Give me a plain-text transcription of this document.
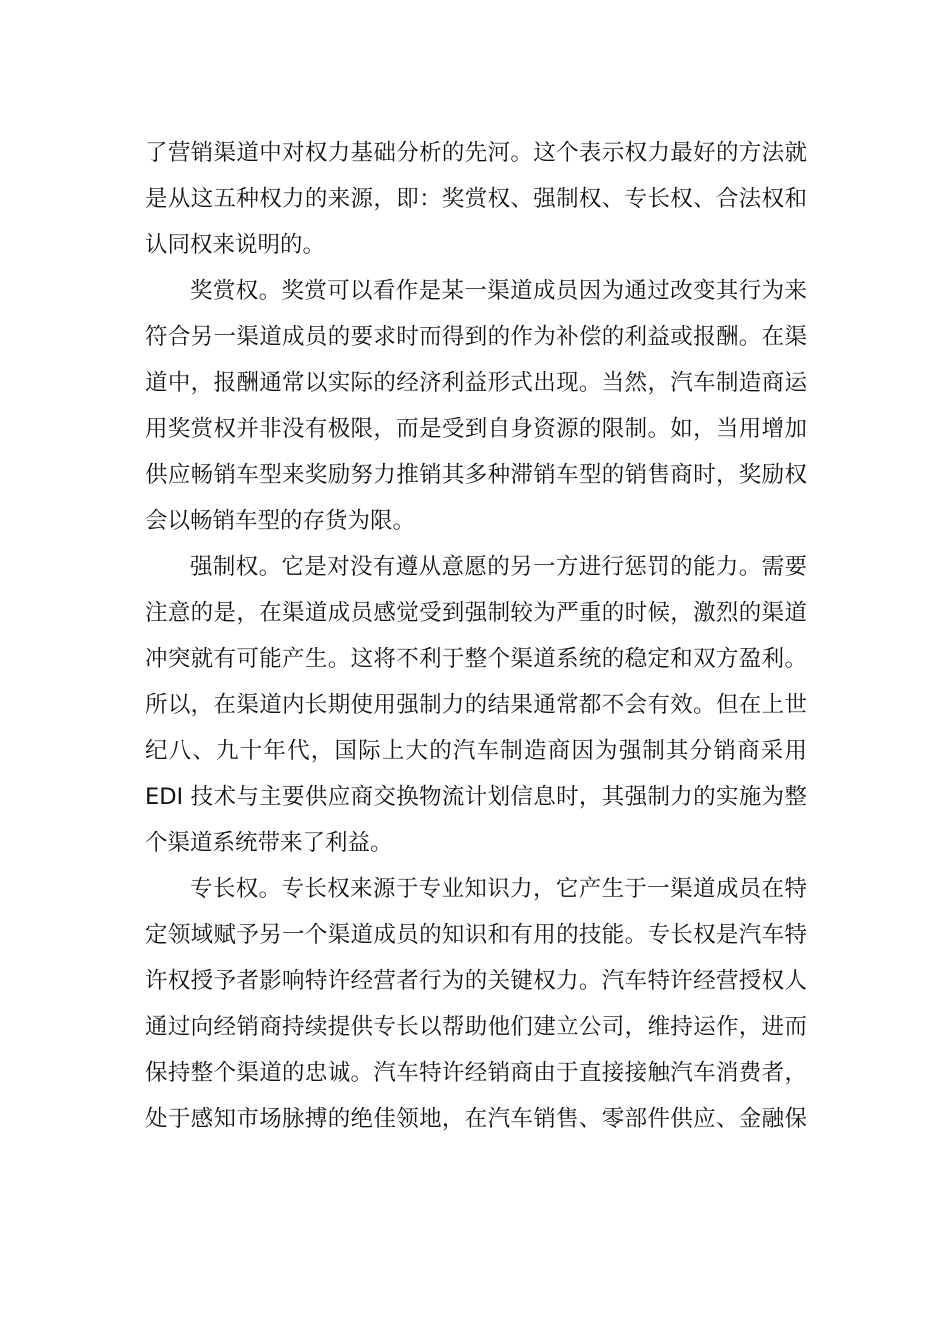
了营销渠道中对权力基础分析的先河。这个表示权力最好的方法就
是从这五种权力的来源，即：奖赏权、强制权、专长权、合法权和
认同权来说明的。
奖赏权。奖赏可以看作是某一渠道成员因为通过改变其行为来
符合另一渠道成员的要求时而得到的作为补偿的利益或报酬。在渠
道中，报酬通常以实际的经济利益形式出现。当然，汽车制造商运
用奖赏权并非没有极限，而是受到自身资源的限制。如，当用增加
供应畅销车型来奖励努力推销其多种滞销车型的销售商时，奖励权
会以畅销车型的存货为限。
强制权。它是对没有遵从意愿的另一方进行惩罚的能力。需要
注意的是，在渠道成员感觉受到强制较为严重的时候，激烈的渠道
冲突就有可能产生。这将不利于整个渠道系统的稳定和双方盈利。
所以，在渠道内长期使用强制力的结果通常都不会有效。但在上世
纪八、九十年代，国际上大的汽车制造商因为强制其分销商采用
EDI 技术与主要供应商交换物流计划信息时，其强制力的实施为整
个渠道系统带来了利益。
专长权。专长权来源于专业知识力，它产生于一渠道成员在特
定领域赋予另一个渠道成员的知识和有用的技能。专长权是汽车特
许权授予者影响特许经营者行为的关键权力。汽车特许经营授权人
通过向经销商持续提供专长以帮助他们建立公司，维持运作，进而
保持整个渠道的忠诚。汽车特许经销商由于直接接触汽车消费者，
处于感知市场脉搏的绝佳领地，在汽车销售、零部件供应、金融保
